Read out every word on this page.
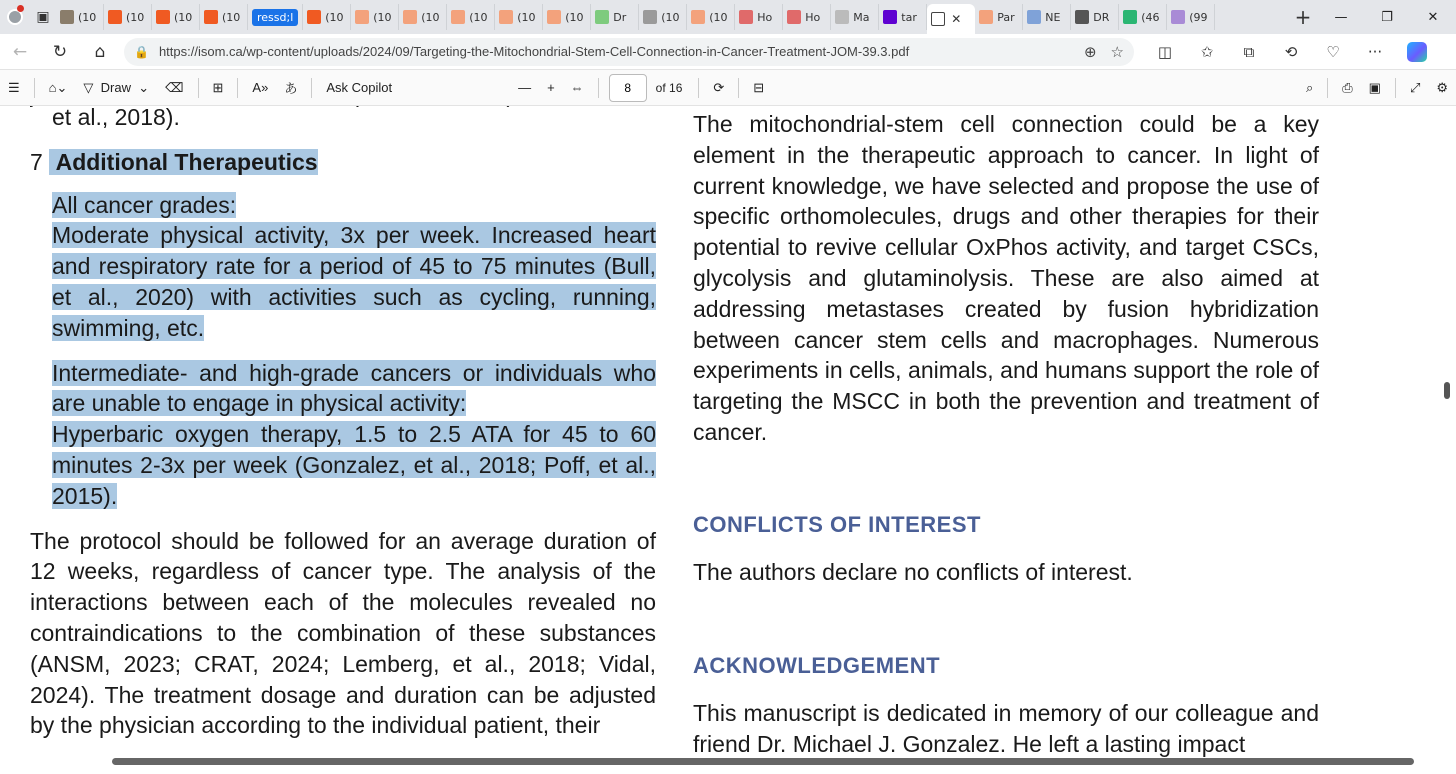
▣	(10	(10	(10	(10	ressd;l	(10	(10	(10	(10	(10	(10	Dr	(10	(10	Ho	Ho	Ma	tar	✕	Par	NE	DR	(46	(99	+	—	❐	✕
←	↻	⌂	🔒 https://isom.ca/wp-content/uploads/2024/09/Targeting-the-Mitochondrial-Stem-Cell-Connection-in-Cancer-Treatment-JOM-39.3.pdf	⊕ ☆	◫	✩	⧉	⟲	♡	···
☰	⌂⌄	▽ Draw ⌄	⌫	⊞	A»	あ	Ask Copilot	—	+	⇔
8	of 16	⟳	⊟	⌕	⎙	▣	⤢	⚙
et al., 2018).
7 Additional Therapeutics
All cancer grades:
Moderate physical activity, 3x per week. Increased heart and respiratory rate for a period of 45 to 75 minutes (Bull, et al., 2020) with activities such as cycling, running, swimming, etc.
Intermediate- and high-grade cancers or individuals who are unable to engage in physical activity:
Hyperbaric oxygen therapy, 1.5 to 2.5 ATA for 45 to 60 minutes 2-3x per week (Gonzalez, et al., 2018; Poff, et al., 2015).
The protocol should be followed for an average duration of 12 weeks, regardless of cancer type. The analysis of the interactions between each of the molecules revealed no contraindications to the combination of these substances (ANSM, 2023; CRAT, 2024; Lemberg, et al., 2018; Vidal, 2024). The treatment dosage and duration can be adjusted by the physician according to the individual patient, their
The mitochondrial-stem cell connection could be a key element in the therapeutic approach to cancer. In light of current knowledge, we have selected and propose the use of specific orthomolecules, drugs and other therapies for their potential to revive cellular OxPhos activity, and target CSCs, glycolysis and glutaminolysis. These are also aimed at addressing metastases created by fusion hybridization between cancer stem cells and macrophages. Numerous experiments in cells, animals, and humans support the role of targeting the MSCC in both the prevention and treatment of cancer.
CONFLICTS OF INTEREST
The authors declare no conflicts of interest.
ACKNOWLEDGEMENT
This manuscript is dedicated in memory of our colleague and friend Dr. Michael J. Gonzalez. He left a lasting impact
